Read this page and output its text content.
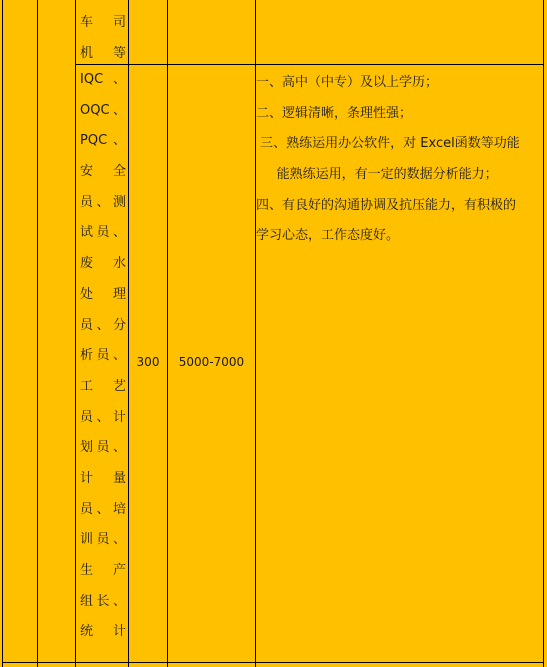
车 司
机 等
IQC 、
OQC、
PQC、
安 全
员、测
试员、
废 水
处 理
员、分
析员、
工 艺
员、计
划员、
计 量
员、培
训员、
生 产
组长、
统 计
300	5000-7000
一、高中（中专）及以上学历；
二、逻辑清晰，条理性强；
三、熟练运用办公软件，对 Excel函数等功能
能熟练运用，有一定的数据分析能力；
四、有良好的沟通协调及抗压能力，有积极的
学习心态，工作态度好。
